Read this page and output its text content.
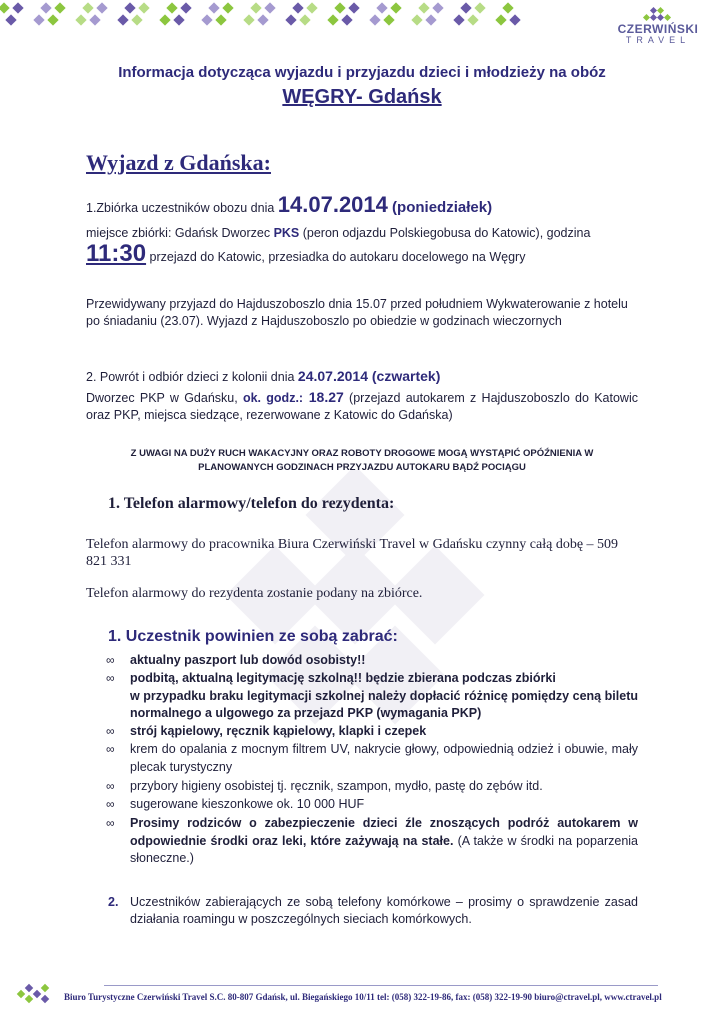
CZERWIŃSKI
TRAVEL
Informacja dotycząca wyjazdu i przyjazdu dzieci i młodzieży na obóz
WĘGRY- Gdańsk
Wyjazd z Gdańska:
1.Zbiórka uczestników obozu dnia 14.07.2014 (poniedziałek)
miejsce zbiórki: Gdańsk Dworzec PKS (peron odjazdu Polskiegobusa do Katowic), godzina
11:30 przejazd do Katowic, przesiadka do autokaru docelowego na Węgry
Przewidywany przyjazd do Hajduszoboszlo dnia 15.07 przed południem Wykwaterowanie z hotelu po śniadaniu (23.07). Wyjazd z Hajduszoboszlo po obiedzie w godzinach wieczornych
2. Powrót i odbiór dzieci z kolonii dnia 24.07.2014 (czwartek)
Dworzec PKP w Gdańsku, ok. godz.: 18.27 (przejazd autokarem z Hajduszoboszlo do Katowic oraz PKP, miejsca siedzące, rezerwowane z Katowic do Gdańska)
Z UWAGI NA DUŻY RUCH WAKACYJNY ORAZ ROBOTY DROGOWE MOGĄ WYSTĄPIĆ OPÓŹNIENIA W PLANOWANYCH GODZINACH PRZYJAZDU AUTOKARU BĄDŹ POCIĄGU
1. Telefon alarmowy/telefon do rezydenta:
Telefon alarmowy do pracownika Biura Czerwiński Travel w Gdańsku czynny całą dobę – 509 821 331
Telefon alarmowy do rezydenta zostanie podany na zbiórce.
1. Uczestnik powinien ze sobą zabrać:
∞	aktualny paszport lub dowód osobisty!!
∞	podbitą, aktualną legitymację szkolną!! będzie zbierana podczas zbiórki
w przypadku braku legitymacji szkolnej należy dopłacić różnicę pomiędzy ceną biletu normalnego a ulgowego za przejazd PKP (wymagania PKP)
∞	strój kąpielowy, ręcznik kąpielowy, klapki i czepek
∞	krem do opalania z mocnym filtrem UV, nakrycie głowy, odpowiednią odzież i obuwie, mały plecak turystyczny
∞	przybory higieny osobistej tj. ręcznik, szampon, mydło, pastę do zębów itd.
∞	sugerowane kieszonkowe ok. 10 000 HUF
∞	Prosimy rodziców o zabezpieczenie dzieci źle znoszących podróż autokarem w odpowiednie środki oraz leki, które zażywają na stałe. (A także w środki na poparzenia słoneczne.)
2. Uczestników zabierających ze sobą telefony komórkowe – prosimy o sprawdzenie zasad działania roamingu w poszczególnych sieciach komórkowych.
Biuro Turystyczne Czerwiński Travel S.C. 80-807 Gdańsk, ul. Biegańskiego 10/11 tel: (058) 322-19-86, fax: (058) 322-19-90 biuro@ctravel.pl, www.ctravel.pl
